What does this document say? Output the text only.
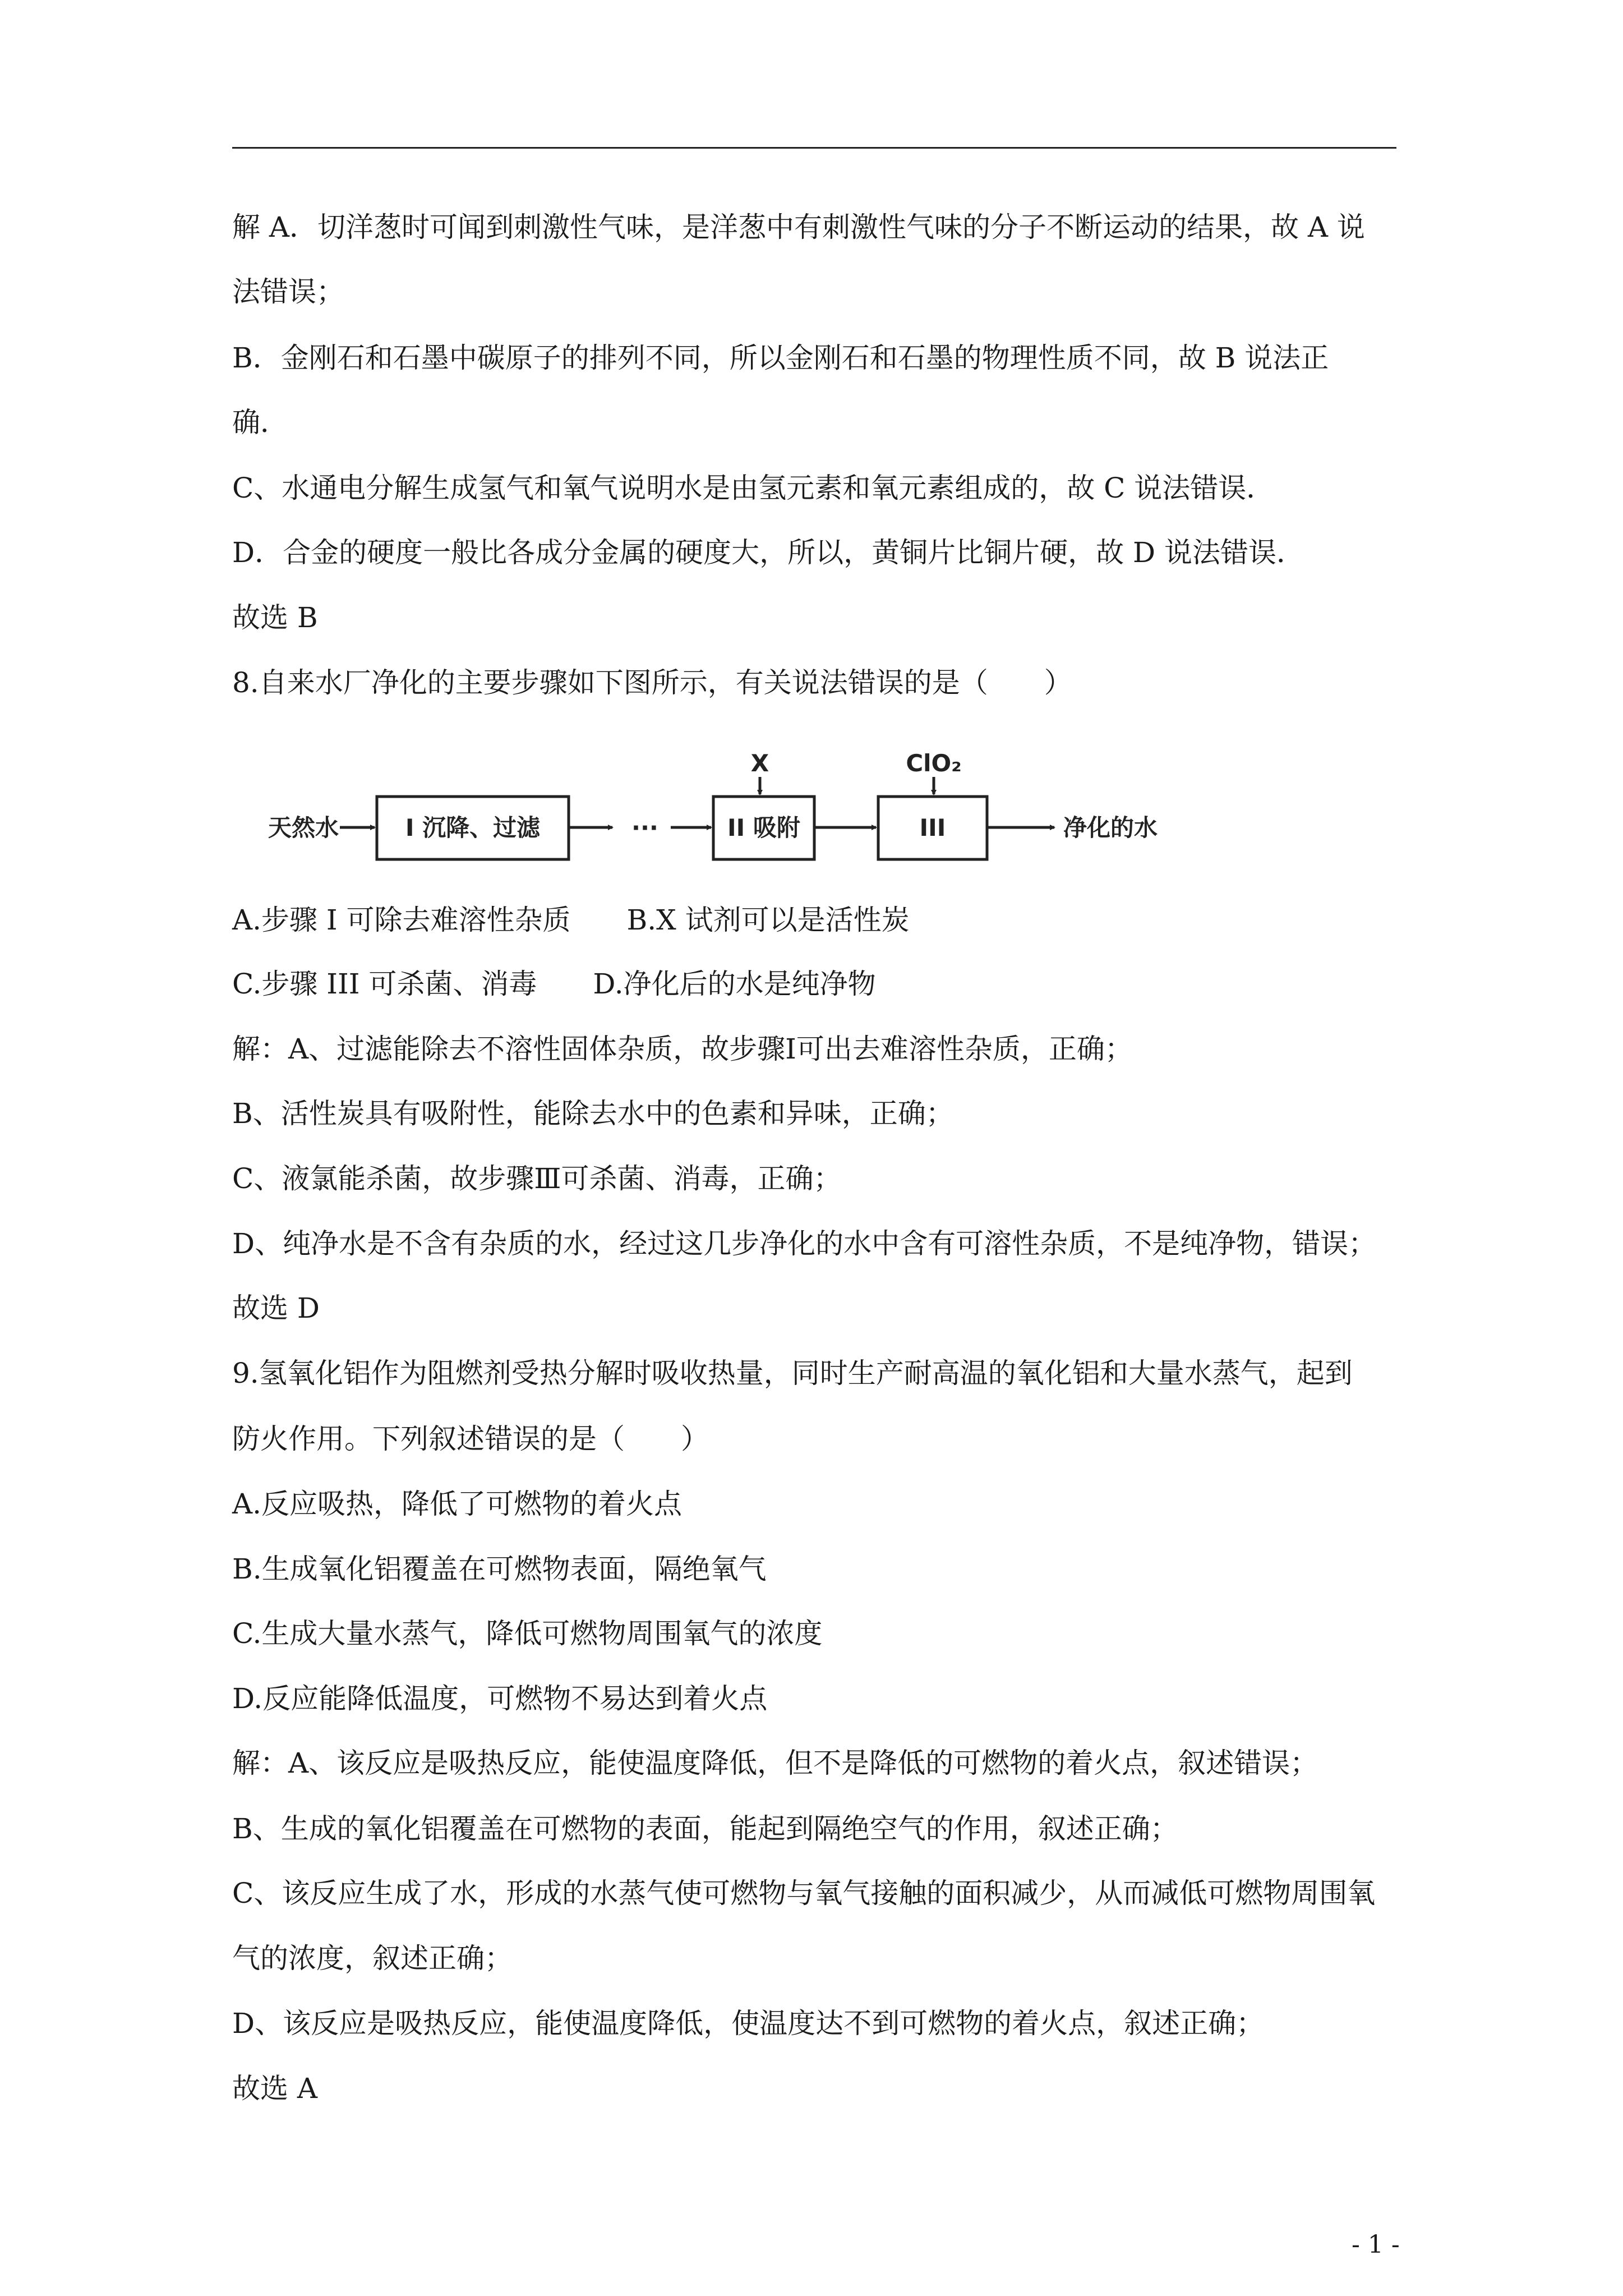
解 A．切洋葱时可闻到刺激性气味，是洋葱中有刺激性气味的分子不断运动的结果，故 A 说
法错误；
B．金刚石和石墨中碳原子的排列不同，所以金刚石和石墨的物理性质不同，故 B 说法正
确．
C、水通电分解生成氢气和氧气说明水是由氢元素和氧元素组成的，故 C 说法错误．
D．合金的硬度一般比各成分金属的硬度大，所以，黄铜片比铜片硬，故 D 说法错误．
故选 B
8.自来水厂净化的主要步骤如下图所示，有关说法错误的是（　　）
天然水	I 沉降、过滤	···
X
II 吸附
ClO₂
III	净化的水
A.步骤 I 可除去难溶性杂质　　B.X 试剂可以是活性炭
C.步骤 III 可杀菌、消毒　　D.净化后的水是纯净物
解：A、过滤能除去不溶性固体杂质，故步骤Ⅰ可出去难溶性杂质，正确；
B、活性炭具有吸附性，能除去水中的色素和异味，正确；
C、液氯能杀菌，故步骤Ⅲ可杀菌、消毒，正确；
D、纯净水是不含有杂质的水，经过这几步净化的水中含有可溶性杂质，不是纯净物，错误；
故选 D
9.氢氧化铝作为阻燃剂受热分解时吸收热量，同时生产耐高温的氧化铝和大量水蒸气，起到
防火作用。下列叙述错误的是（　　）
A.反应吸热，降低了可燃物的着火点
B.生成氧化铝覆盖在可燃物表面，隔绝氧气
C.生成大量水蒸气，降低可燃物周围氧气的浓度
D.反应能降低温度，可燃物不易达到着火点
解：A、该反应是吸热反应，能使温度降低，但不是降低的可燃物的着火点，叙述错误；
B、生成的氧化铝覆盖在可燃物的表面，能起到隔绝空气的作用，叙述正确；
C、该反应生成了水，形成的水蒸气使可燃物与氧气接触的面积减少，从而减低可燃物周围氧
气的浓度，叙述正确；
D、该反应是吸热反应，能使温度降低，使温度达不到可燃物的着火点，叙述正确；
故选 A
- 1 -
